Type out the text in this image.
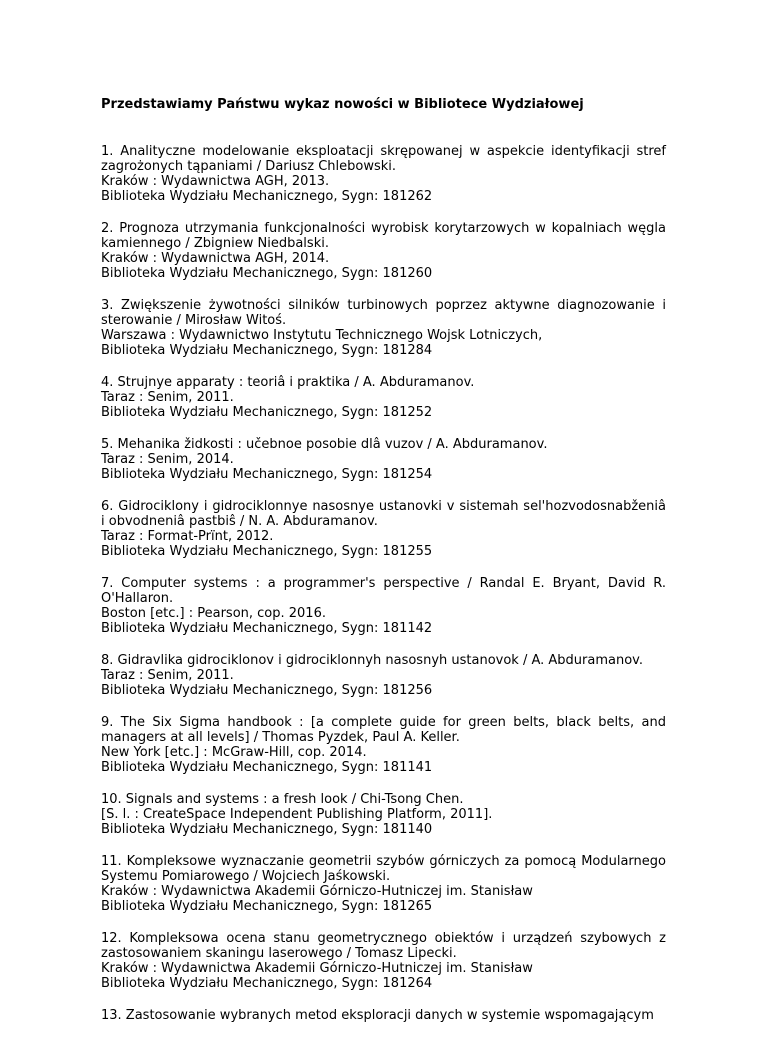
Przedstawiamy Państwu wykaz nowości w Bibliotece Wydziałowej
1. Analityczne modelowanie eksploatacji skrępowanej w aspekcie identyfikacji stref zagrożonych tąpaniami / Dariusz Chlebowski.
Kraków : Wydawnictwa AGH, 2013.
Biblioteka Wydziału Mechanicznego, Sygn: 181262
2. Prognoza utrzymania funkcjonalności wyrobisk korytarzowych w kopalniach węgla kamiennego / Zbigniew Niedbalski.
Kraków : Wydawnictwa AGH, 2014.
Biblioteka Wydziału Mechanicznego, Sygn: 181260
3. Zwiększenie żywotności silników turbinowych poprzez aktywne diagnozowanie i sterowanie / Mirosław Witoś.
Warszawa : Wydawnictwo Instytutu Technicznego Wojsk Lotniczych,
Biblioteka Wydziału Mechanicznego, Sygn: 181284
4. Strujnye apparaty : teoriâ i praktika / A. Abduramanov.
Taraz : Senim, 2011.
Biblioteka Wydziału Mechanicznego, Sygn: 181252
5. Mehanika židkosti : učebnoe posobie dlâ vuzov / A. Abduramanov.
Taraz : Senim, 2014.
Biblioteka Wydziału Mechanicznego, Sygn: 181254
6. Gidrociklony i gidrociklonnye nasosnye ustanovki v sistemah sel'hozvodosnabženiâ i obvodneniâ pastbiŝ / N. A. Abduramanov.
Taraz : Format-Prïnt, 2012.
Biblioteka Wydziału Mechanicznego, Sygn: 181255
7. Computer systems : a programmer's perspective / Randal E. Bryant, David R. O'Hallaron.
Boston [etc.] : Pearson, cop. 2016.
Biblioteka Wydziału Mechanicznego, Sygn: 181142
8. Gidravlika gidrociklonov i gidrociklonnyh nasosnyh ustanovok / A. Abduramanov.
Taraz : Senim, 2011.
Biblioteka Wydziału Mechanicznego, Sygn: 181256
9. The Six Sigma handbook : [a complete guide for green belts, black belts, and managers at all levels] / Thomas Pyzdek, Paul A. Keller.
New York [etc.] : McGraw-Hill, cop. 2014.
Biblioteka Wydziału Mechanicznego, Sygn: 181141
10. Signals and systems : a fresh look / Chi-Tsong Chen.
[S. l. : CreateSpace Independent Publishing Platform, 2011].
Biblioteka Wydziału Mechanicznego, Sygn: 181140
11. Kompleksowe wyznaczanie geometrii szybów górniczych za pomocą Modularnego Systemu Pomiarowego / Wojciech Jaśkowski.
Kraków : Wydawnictwa Akademii Górniczo-Hutniczej im. Stanisław
Biblioteka Wydziału Mechanicznego, Sygn: 181265
12. Kompleksowa ocena stanu geometrycznego obiektów i urządzeń szybowych z zastosowaniem skaningu laserowego / Tomasz Lipecki.
Kraków : Wydawnictwa Akademii Górniczo-Hutniczej im. Stanisław
Biblioteka Wydziału Mechanicznego, Sygn: 181264
13. Zastosowanie wybranych metod eksploracji danych w systemie wspomagającym
